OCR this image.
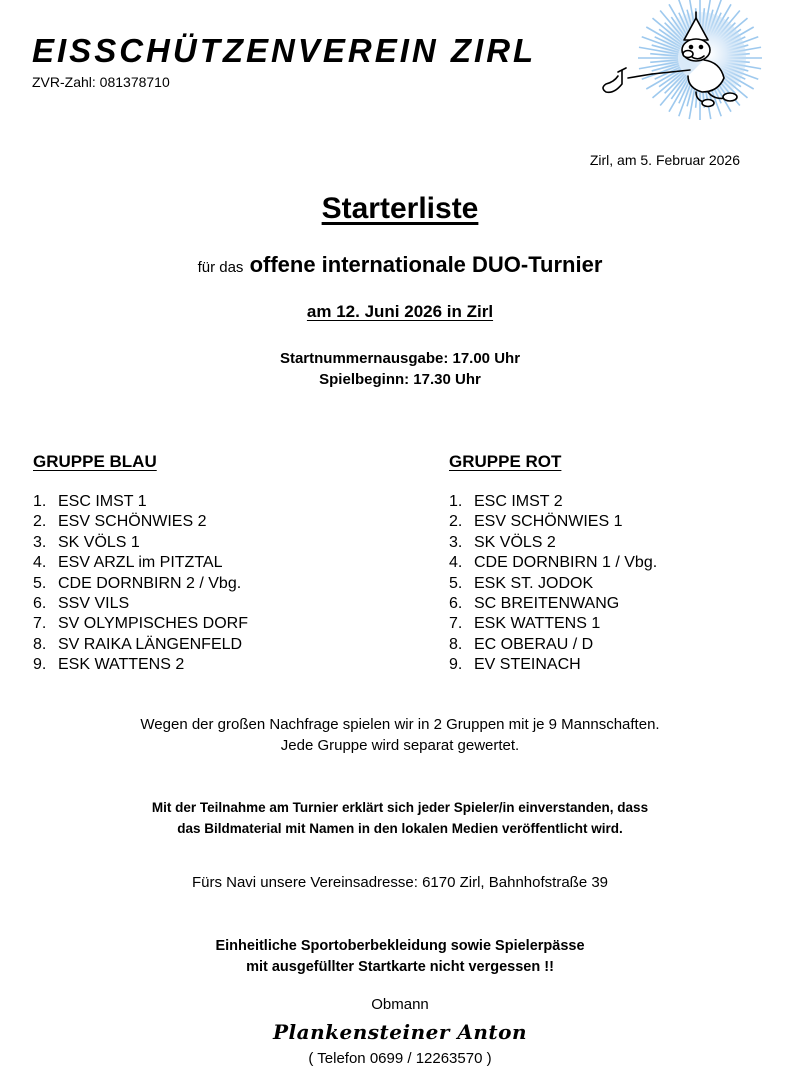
EISSCHÜTZENVEREIN ZIRL
ZVR-Zahl: 081378710
Zirl, am 5. Februar 2026
Starterliste
für das offene internationale DUO-Turnier
am 12. Juni 2026 in Zirl
Startnummernausgabe: 17.00 Uhr
Spielbeginn: 17.30 Uhr
GRUPPE BLAU	GRUPPE ROT
1. ESC IMST 1
2. ESV SCHÖNWIES 2
3. SK VÖLS 1
4. ESV ARZL im PITZTAL
5. CDE DORNBIRN 2 / Vbg.
6. SSV VILS
7. SV OLYMPISCHES DORF
8. SV RAIKA LÄNGENFELD
9. ESK WATTENS 2
1. ESC IMST 2
2. ESV SCHÖNWIES 1
3. SK VÖLS 2
4. CDE DORNBIRN 1 / Vbg.
5. ESK ST. JODOK
6. SC BREITENWANG
7. ESK WATTENS 1
8. EC OBERAU / D
9. EV STEINACH
Wegen der großen Nachfrage spielen wir in 2 Gruppen mit je 9 Mannschaften.
Jede Gruppe wird separat gewertet.
Mit der Teilnahme am Turnier erklärt sich jeder Spieler/in einverstanden, dass
das Bildmaterial mit Namen in den lokalen Medien veröffentlicht wird.
Fürs Navi unsere Vereinsadresse: 6170 Zirl, Bahnhofstraße 39
Einheitliche Sportoberbekleidung sowie Spielerpässe
mit ausgefüllter Startkarte nicht vergessen !!
Obmann
Plankensteiner Anton
( Telefon 0699 / 12263570 )
